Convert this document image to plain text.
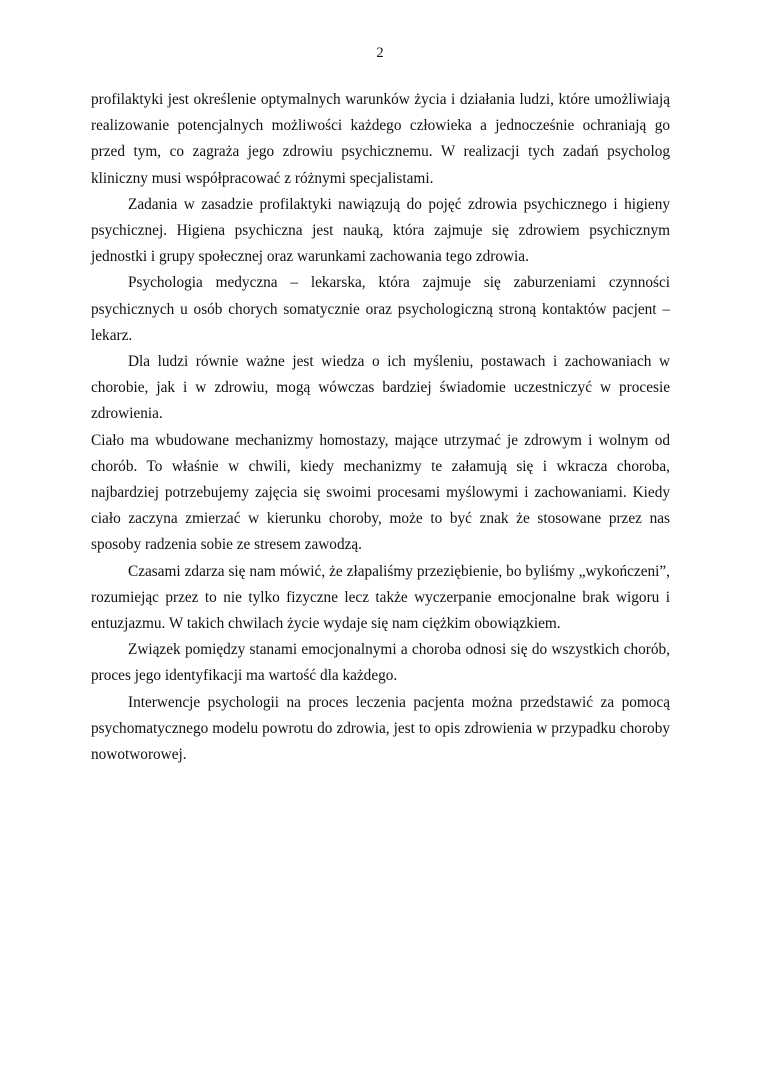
2

profilaktyki jest określenie optymalnych warunków życia i działania ludzi, które umożliwiają realizowanie potencjalnych możliwości każdego człowieka a jednocześnie ochraniają go przed tym, co zagraża jego zdrowiu psychicznemu. W realizacji tych zadań psycholog kliniczny musi współpracować z różnymi specjalistami.

Zadania w zasadzie profilaktyki nawiązują do pojęć zdrowia psychicznego i higieny psychicznej. Higiena psychiczna jest nauką, która zajmuje się zdrowiem psychicznym jednostki i grupy społecznej oraz warunkami zachowania tego zdrowia.

Psychologia medyczna – lekarska, która zajmuje się zaburzeniami czynności psychicznych u osób chorych somatycznie oraz psychologiczną stroną kontaktów pacjent – lekarz.

Dla ludzi równie ważne jest wiedza o ich myśleniu, postawach i zachowaniach w chorobie, jak i w zdrowiu, mogą wówczas bardziej świadomie uczestniczyć w procesie zdrowienia.

Ciało ma wbudowane mechanizmy homostazy, mające utrzymać je zdrowym i wolnym od chorób. To właśnie w chwili, kiedy mechanizmy te załamują się i wkracza choroba, najbardziej potrzebujemy zajęcia się swoimi procesami myślowymi i zachowaniami. Kiedy ciało zaczyna zmierzać w kierunku choroby, może to być znak że stosowane przez nas sposoby radzenia sobie ze stresem zawodzą.

Czasami zdarza się nam mówić, że złapaliśmy przeziębienie, bo byliśmy „wykończeni”, rozumiejąc przez to nie tylko fizyczne lecz także wyczerpanie emocjonalne brak wigoru i entuzjazmu. W takich chwilach życie wydaje się nam ciężkim obowiązkiem.

Związek pomiędzy stanami emocjonalnymi a choroba odnosi się do wszystkich chorób, proces jego identyfikacji ma wartość dla każdego.

Interwencje psychologii na proces leczenia pacjenta można przedstawić za pomocą psychomatycznego modelu powrotu do zdrowia, jest to opis zdrowienia w przypadku choroby nowotworowej.
